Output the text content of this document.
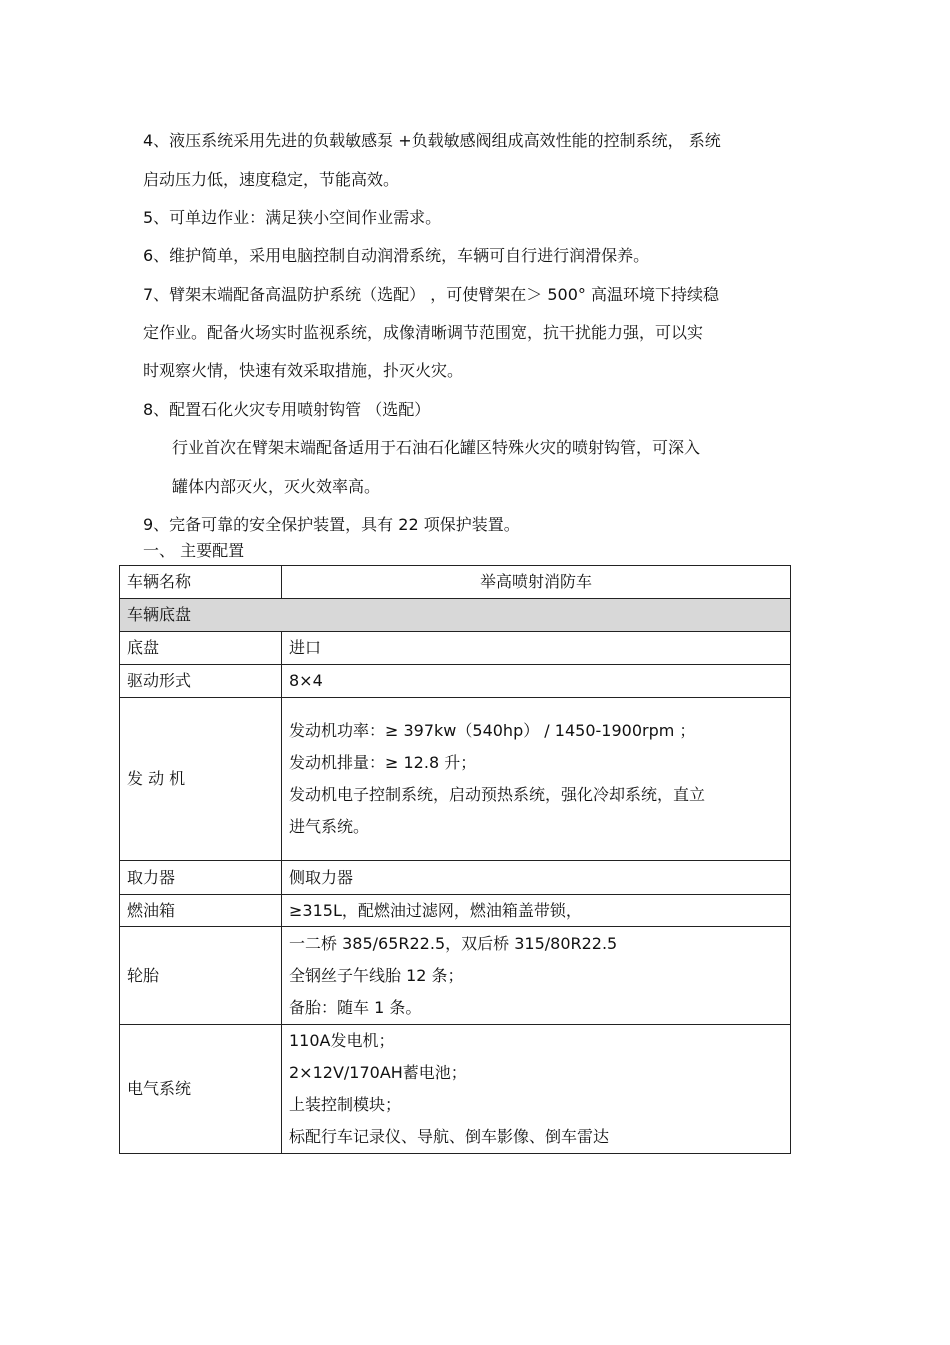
4、液压系统采用先进的负载敏感泵 +负载敏感阀组成高效性能的控制系统， 系统
启动压力低，速度稳定，节能高效。
5、可单边作业：满足狭小空间作业需求。
6、维护简单，采用电脑控制自动润滑系统，车辆可自行进行润滑保养。
7、臂架末端配备高温防护系统（选配） ，可使臂架在＞ 500° 高温环境下持续稳
定作业。配备火场实时监视系统，成像清晰调节范围宽，抗干扰能力强，可以实
时观察火情，快速有效采取措施，扑灭火灾。
8、配置石化火灾专用喷射钩管 （选配）
行业首次在臂架末端配备适用于石油石化罐区特殊火灾的喷射钩管，可深入
罐体内部灭火，灭火效率高。
9、完备可靠的安全保护装置，具有 22 项保护装置。
一、 主要配置
车辆名称	举高喷射消防车
车辆底盘	
底盘	进口
驱动形式	8×4
发 动 机	发动机功率：≥ 397kw（540hp） / 1450-1900rpm ；
发动机排量：≥ 12.8 升；
发动机电子控制系统，启动预热系统，强化冷却系统，直立
进气系统。

取力器	侧取力器
燃油箱	≥315L，配燃油过滤网，燃油箱盖带锁，
轮胎	一二桥 385/65R22.5，双后桥 315/80R22.5
全钢丝子午线胎 12 条；
备胎：随车 1 条。

电气系统	110A发电机；
2×12V/170AH蓄电池；
上装控制模块；
标配行车记录仪、导航、倒车影像、倒车雷达
